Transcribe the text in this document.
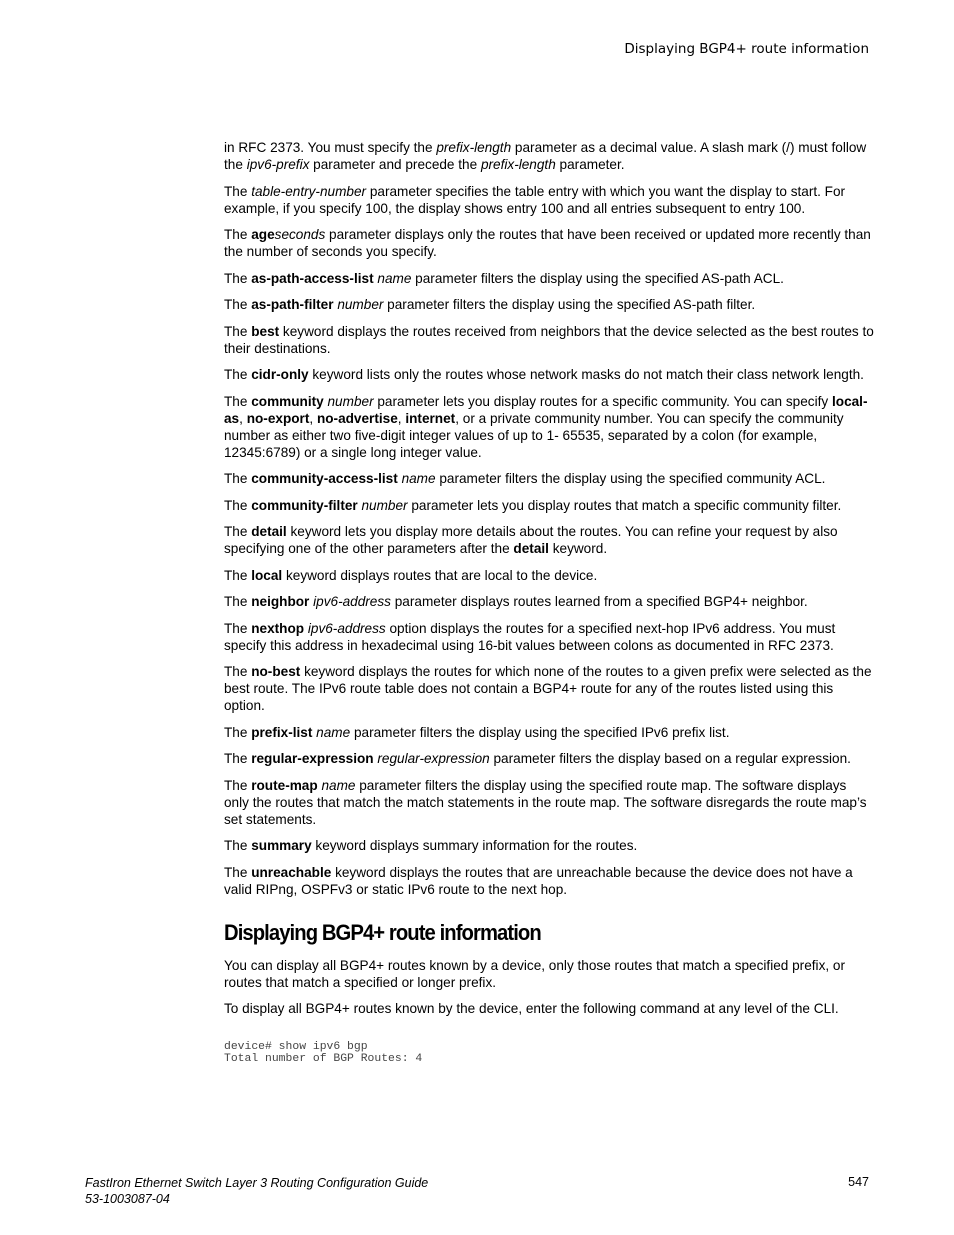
Displaying BGP4+ route information

in RFC 2373. You must specify the prefix-length parameter as a decimal value. A slash mark (/) must follow the ipv6-prefix parameter and precede the prefix-length parameter.

The table-entry-number parameter specifies the table entry with which you want the display to start. For example, if you specify 100, the display shows entry 100 and all entries subsequent to entry 100.

The ageseconds parameter displays only the routes that have been received or updated more recently than the number of seconds you specify.

The as-path-access-list name parameter filters the display using the specified AS-path ACL.

The as-path-filter number parameter filters the display using the specified AS-path filter.

The best keyword displays the routes received from neighbors that the device selected as the best routes to their destinations.

The cidr-only keyword lists only the routes whose network masks do not match their class network length.

The community number parameter lets you display routes for a specific community. You can specify local-as, no-export, no-advertise, internet, or a private community number. You can specify the community number as either two five-digit integer values of up to 1- 65535, separated by a colon (for example, 12345:6789) or a single long integer value.

The community-access-list name parameter filters the display using the specified community ACL.

The community-filter number parameter lets you display routes that match a specific community filter.

The detail keyword lets you display more details about the routes. You can refine your request by also specifying one of the other parameters after the detail keyword.

The local keyword displays routes that are local to the device.

The neighbor ipv6-address parameter displays routes learned from a specified BGP4+ neighbor.

The nexthop ipv6-address option displays the routes for a specified next-hop IPv6 address. You must specify this address in hexadecimal using 16-bit values between colons as documented in RFC 2373.

The no-best keyword displays the routes for which none of the routes to a given prefix were selected as the best route. The IPv6 route table does not contain a BGP4+ route for any of the routes listed using this option.

The prefix-list name parameter filters the display using the specified IPv6 prefix list.

The regular-expression regular-expression parameter filters the display based on a regular expression.

The route-map name parameter filters the display using the specified route map. The software displays only the routes that match the match statements in the route map. The software disregards the route map’s set statements.

The summary keyword displays summary information for the routes.

The unreachable keyword displays the routes that are unreachable because the device does not have a valid RIPng, OSPFv3 or static IPv6 route to the next hop.

Displaying BGP4+ route information

You can display all BGP4+ routes known by a device, only those routes that match a specified prefix, or routes that match a specified or longer prefix.

To display all BGP4+ routes known by the device, enter the following command at any level of the CLI.

device# show ipv6 bgp
Total number of BGP Routes: 4
FastIron Ethernet Switch Layer 3 Routing Configuration Guide
53-1003087-04
547
